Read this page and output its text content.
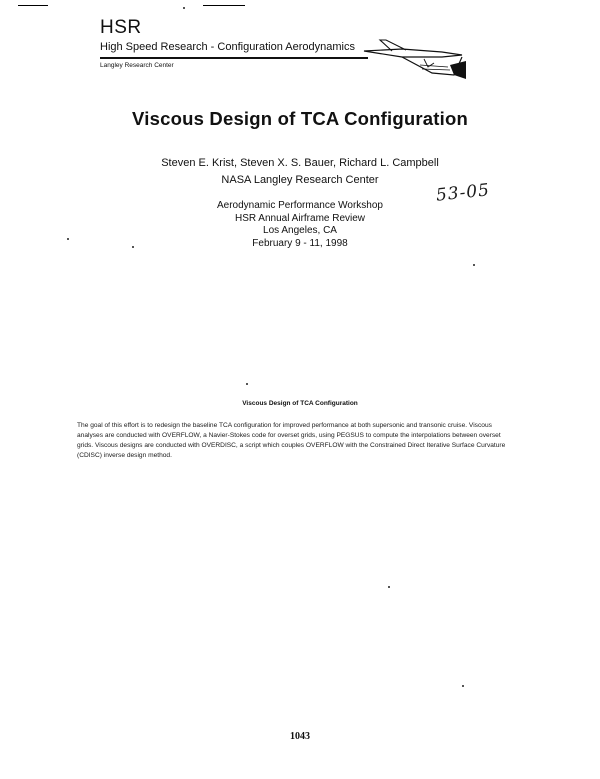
HSR
High Speed Research - Configuration Aerodynamics
Langley Research Center
Viscous Design of TCA Configuration
Steven E. Krist, Steven X. S. Bauer, Richard L. Campbell
NASA Langley Research Center
53-05
Aerodynamic Performance Workshop
HSR Annual Airframe Review
Los Angeles, CA
February 9 - 11, 1998
Viscous Design of TCA Configuration
The goal of this effort is to redesign the baseline TCA configuration for improved performance at both supersonic and transonic cruise. Viscous analyses are conducted with OVERFLOW, a Navier-Stokes code for overset grids, using PEGSUS to compute the interpolations between overset grids. Viscous designs are conducted with OVERDISC, a script which couples OVERFLOW with the Constrained Direct Iterative Surface Curvature (CDISC) inverse design method.
1043
